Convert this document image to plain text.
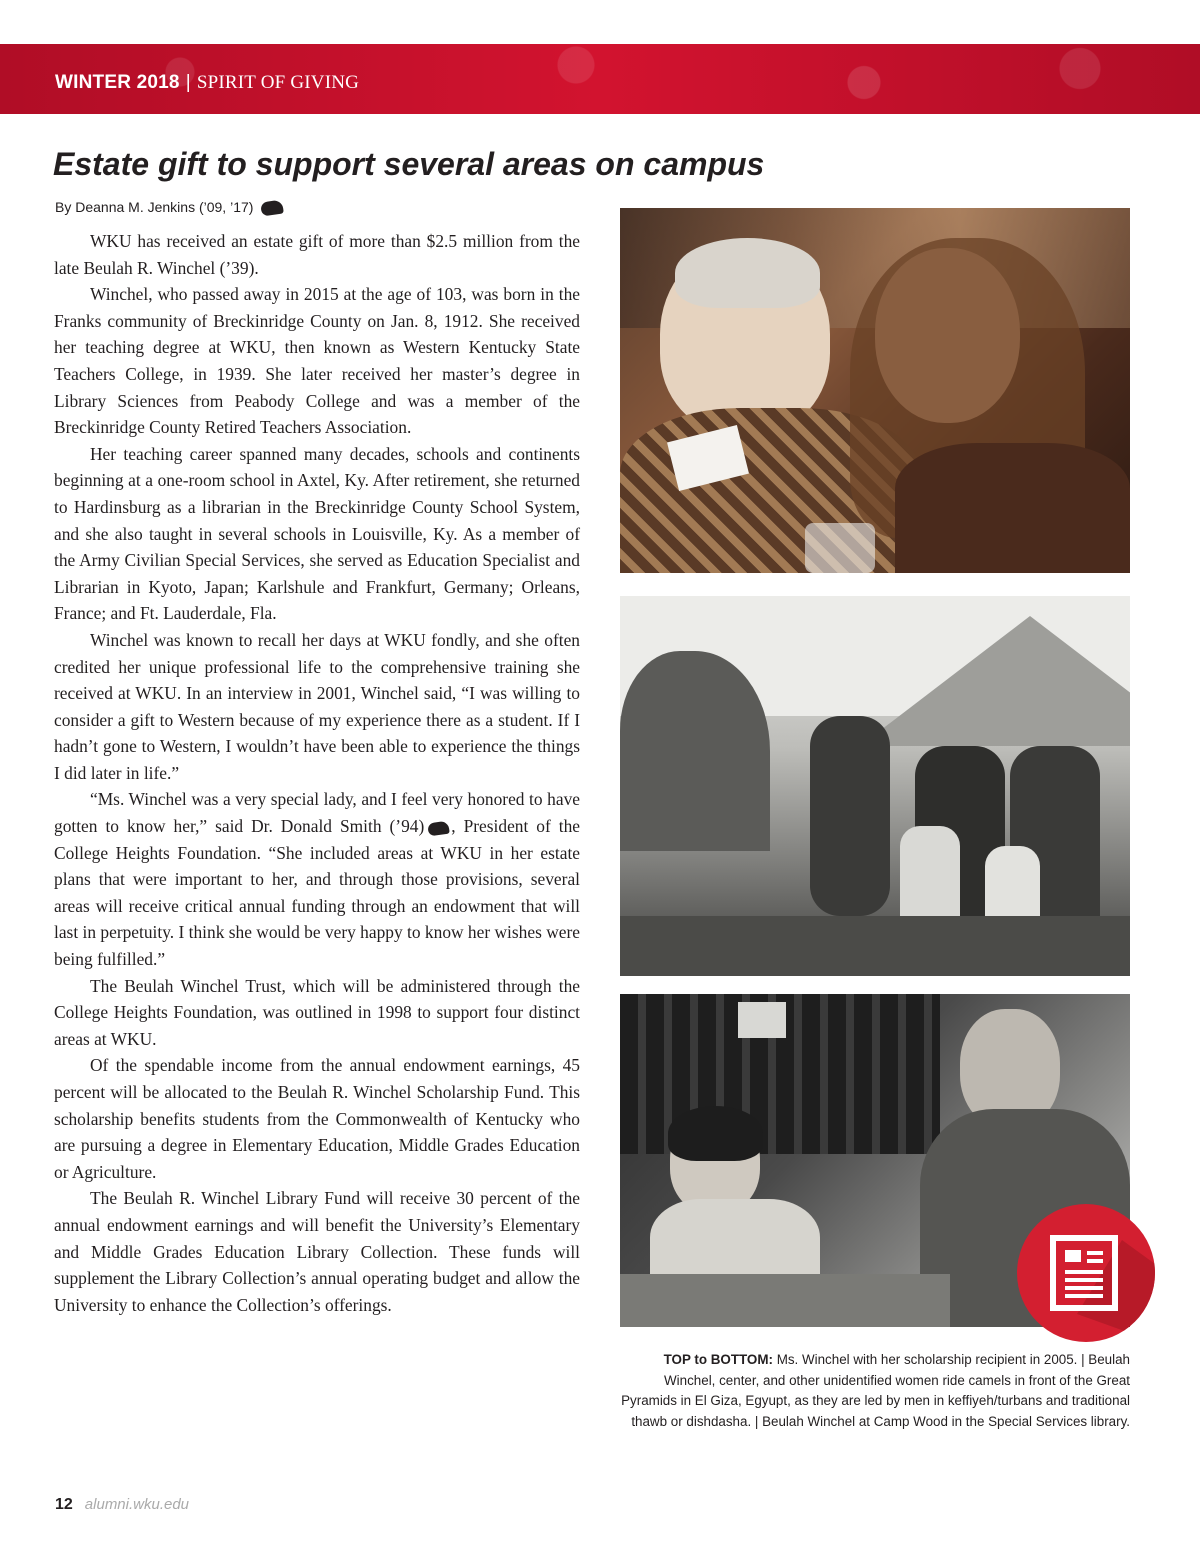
WINTER 2018 | SPIRIT OF GIVING
Estate gift to support several areas on campus
By Deanna M. Jenkins (’09, ’17)

WKU has received an estate gift of more than $2.5 million from the late Beulah R. Winchel (’39).

Winchel, who passed away in 2015 at the age of 103, was born in the Franks community of Breckinridge County on Jan. 8, 1912. She received her teaching degree at WKU, then known as Western Kentucky State Teachers College, in 1939. She later received her master’s degree in Library Sciences from Peabody College and was a member of the Breckinridge County Retired Teachers Association.

Her teaching career spanned many decades, schools and continents beginning at a one-room school in Axtel, Ky. After retirement, she returned to Hardinsburg as a librarian in the Breckinridge County School System, and she also taught in several schools in Louisville, Ky. As a member of the Army Civilian Special Services, she served as Education Specialist and Librarian in Kyoto, Japan; Karlshule and Frankfurt, Germany; Orleans, France; and Ft. Lauderdale, Fla.

Winchel was known to recall her days at WKU fondly, and she often credited her unique professional life to the comprehensive training she received at WKU. In an interview in 2001, Winchel said, “I was willing to consider a gift to Western because of my experience there as a student. If I hadn’t gone to Western, I wouldn’t have been able to experience the things I did later in life.”

“Ms. Winchel was a very special lady, and I feel very honored to have gotten to know her,” said Dr. Donald Smith (’94) , President of the College Heights Foundation. “She included areas at WKU in her estate plans that were important to her, and through those provisions, several areas will receive critical annual funding through an endowment that will last in perpetuity. I think she would be very happy to know her wishes were being fulfilled.”

The Beulah Winchel Trust, which will be administered through the College Heights Foundation, was outlined in 1998 to support four distinct areas at WKU.

Of the spendable income from the annual endowment earnings, 45 percent will be allocated to the Beulah R. Winchel Scholarship Fund. This scholarship benefits students from the Commonwealth of Kentucky who are pursuing a degree in Elementary Education, Middle Grades Education or Agriculture.

The Beulah R. Winchel Library Fund will receive 30 percent of the annual endowment earnings and will benefit the University’s Elementary and Middle Grades Education Library Collection. These funds will supplement the Library Collection’s annual operating budget and allow the University to enhance the Collection’s offerings.

TOP to BOTTOM: Ms. Winchel with her scholarship recipient in 2005. | Beulah Winchel, center, and other unidentified women ride camels in front of the Great Pyramids in El Giza, Egyupt, as they are led by men in keffiyeh/turbans and traditional thawb or dishdasha. | Beulah Winchel at Camp Wood in the Special Services library.
12 alumni.wku.edu
